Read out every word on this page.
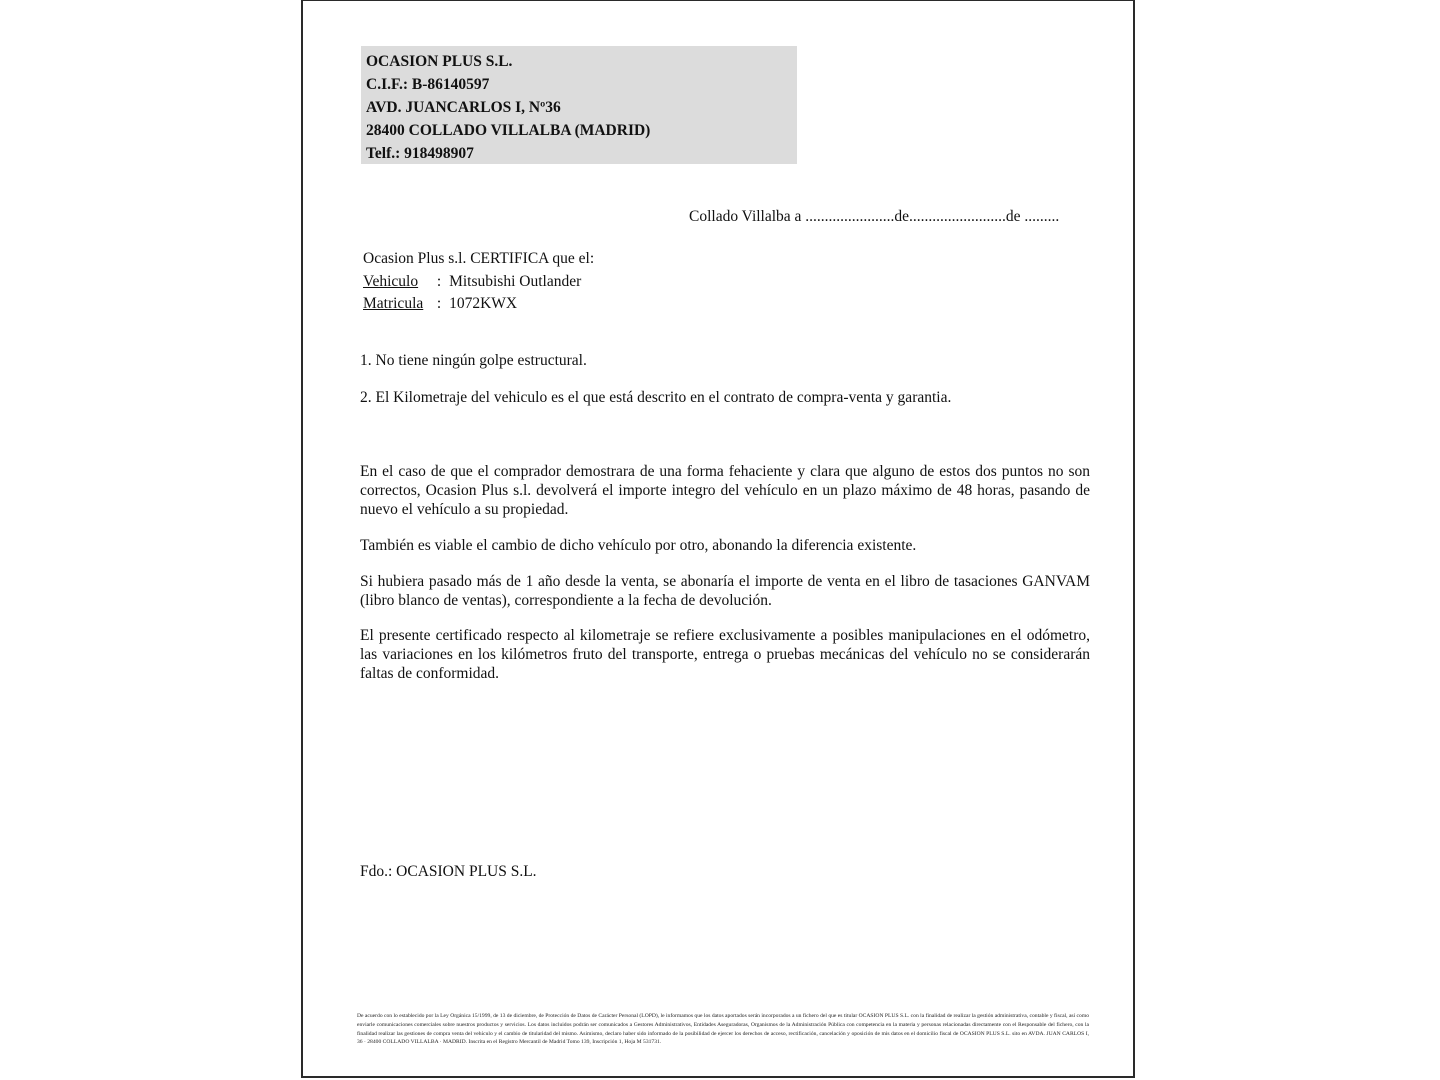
OCASION PLUS S.L.
C.I.F.: B-86140597
AVD. JUANCARLOS I, Nº36
28400 COLLADO VILLALBA (MADRID)
Telf.: 918498907
Collado Villalba a .......................de.........................de .........
Ocasion Plus s.l. CERTIFICA que el:
Vehiculo : Mitsubishi Outlander
Matricula : 1072KWX
1. No tiene ningún golpe estructural.
2. El Kilometraje del vehiculo es el que está descrito en el contrato de compra-venta y garantia.
En el caso de que el comprador demostrara de una forma fehaciente y clara que alguno de estos dos puntos no son correctos, Ocasion Plus s.l. devolverá el importe integro del vehículo en un plazo máximo de 48 horas, pasando de nuevo el vehículo a su propiedad.
También es viable el cambio de dicho vehículo por otro, abonando la diferencia existente.
Si hubiera pasado más de 1 año desde la venta, se abonaría el importe de venta en el libro de tasaciones GANVAM (libro blanco de ventas), correspondiente a la fecha de devolución.
El presente certificado respecto al kilometraje se refiere exclusivamente a posibles manipulaciones en el odómetro, las variaciones en los kilómetros fruto del transporte, entrega o pruebas mecánicas del vehículo no se considerarán faltas de conformidad.
Fdo.: OCASION PLUS S.L.
De acuerdo con lo establecido por la Ley Orgánica 15/1999, de 13 de diciembre, de Protección de Datos de Carácter Personal (LOPD), le informamos que los datos aportados serán incorporados a un fichero del que es titular OCASION PLUS S.L. con la finalidad de realizar la gestión administrativa, contable y fiscal, así como enviarle comunicaciones comerciales sobre nuestros productos y servicios. Los datos incluidos podrán ser comunicados a Gestores Administrativos, Entidades Aseguradoras, Organismos de la Administración Pública con competencia en la materia y personas relacionadas directamente con el Responsable del fichero, con la finalidad realizar las gestiones de compra venta del vehículo y el cambio de titularidad del mismo. Asimismo, declaro haber sido informado de la posibilidad de ejercer los derechos de acceso, rectificación, cancelación y oposición de mis datos en el domicilio fiscal de OCASION PLUS S.L. sito en AVDA. JUAN CARLOS I, 36 · 28400 COLLADO VILLALBA · MADRID. Inscrita en el Registro Mercantil de Madrid Tomo 139, Inscripción 1, Hoja M 531731.
